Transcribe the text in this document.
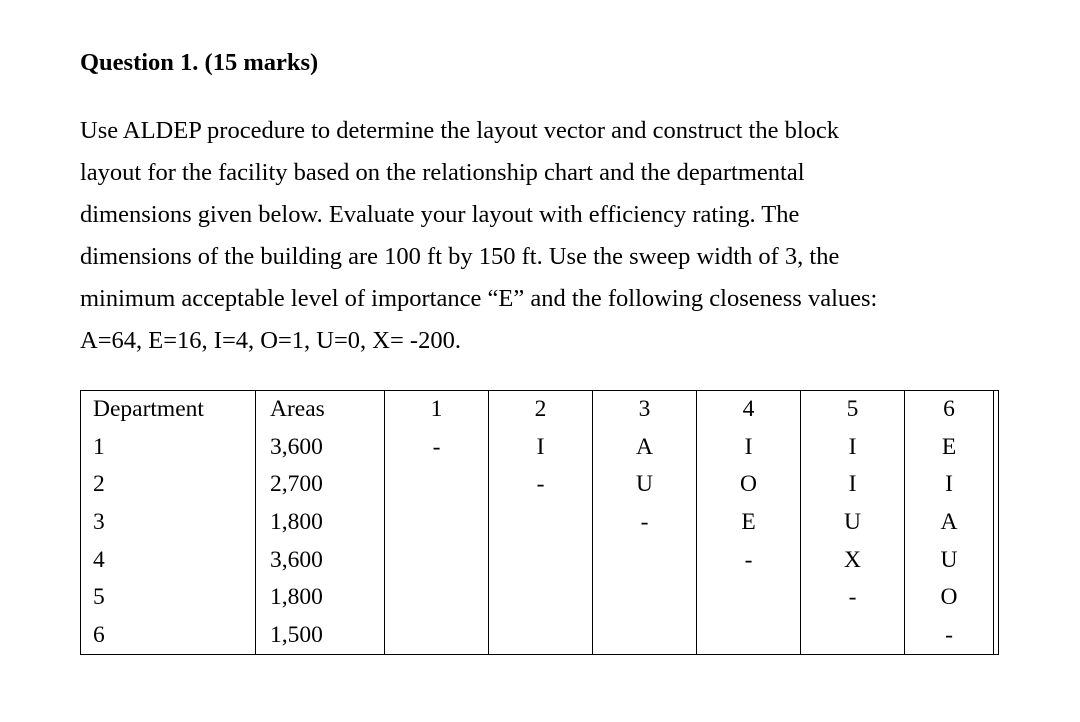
Question 1. (15 marks)
Use ALDEP procedure to determine the layout vector and construct the block
layout for the facility based on the relationship chart and the departmental
dimensions given below. Evaluate your layout with efficiency rating. The
dimensions of the building are 100 ft by 150 ft. Use the sweep width of 3, the
minimum acceptable level of importance “E” and the following closeness values:
A=64, E=16, I=4, O=1, U=0, X= -200.
Department	Areas	1	2	3	4	5	6	
1	3,600	-	I	A	I	I	E	
2	2,700		-	U	O	I	I	
3	1,800			-	E	U	A	
4	3,600				-	X	U	
5	1,800					-	O	
6	1,500						-	
